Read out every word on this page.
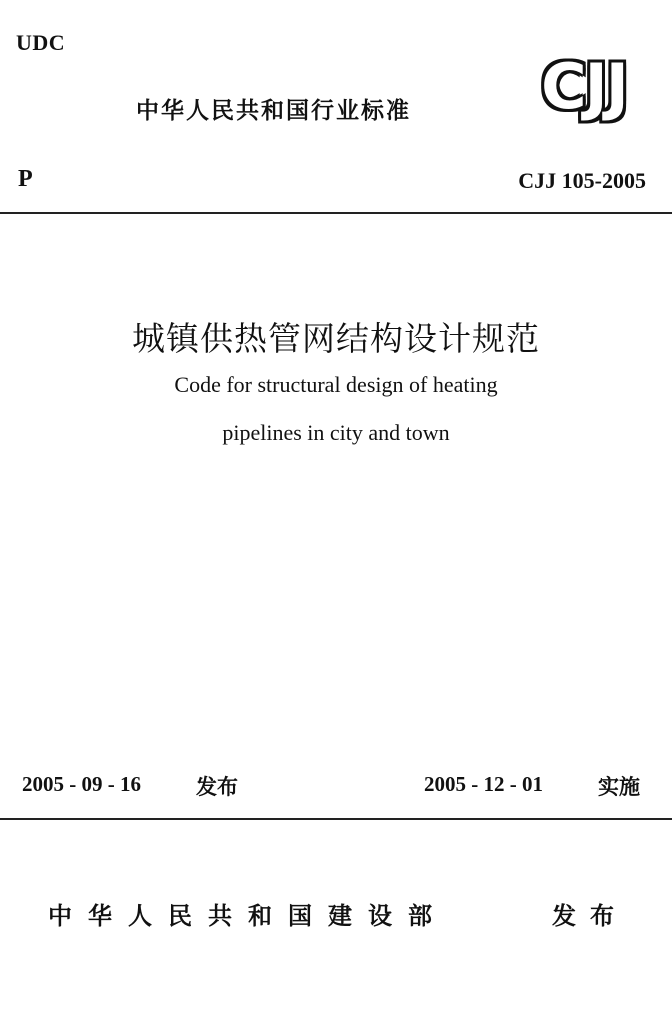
UDC
中华人民共和国行业标准	CJJ
P	CJJ 105-2005
城镇供热管网结构设计规范
Code for structural design of heating
pipelines in city and town
2005 - 09 - 16	发布	2005 - 12 - 01	实施
中华人民共和国建设部	发布
